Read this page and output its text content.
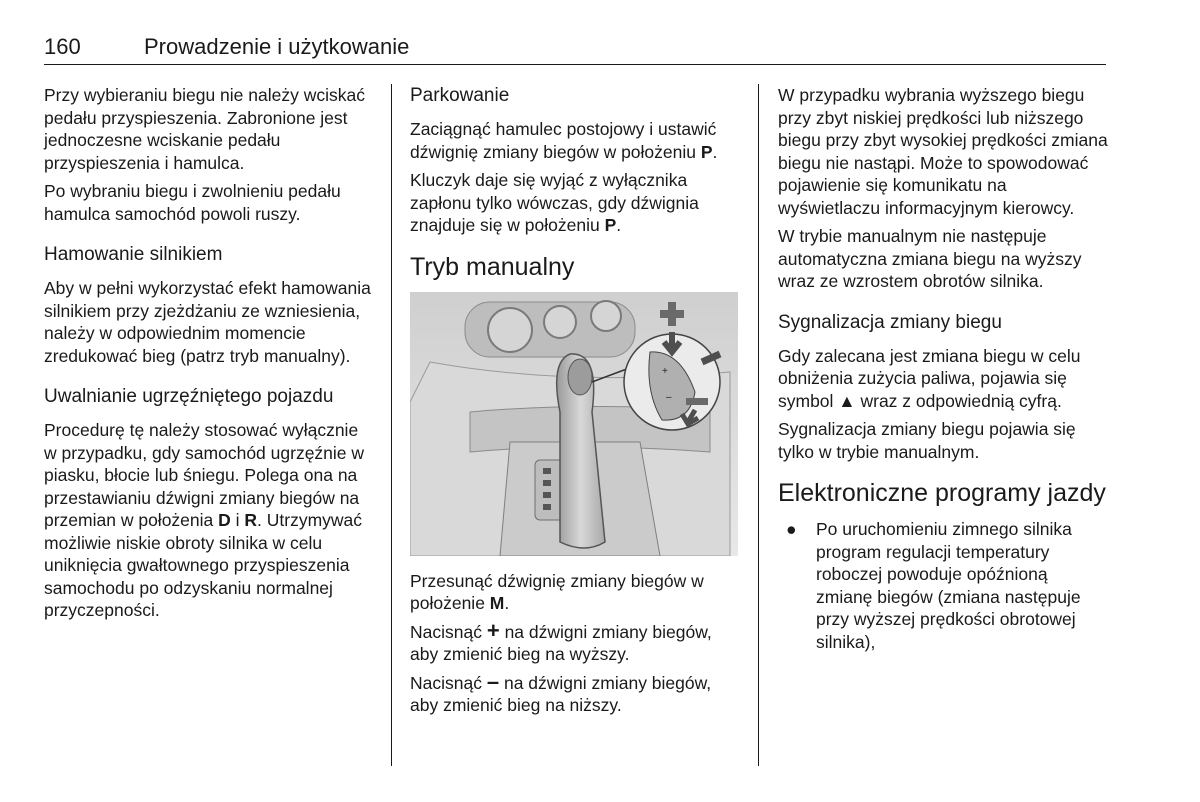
160	Prowadzenie i użytkowanie

Przy wybieraniu biegu nie należy wciskać pedału przyspieszenia. Zabronione jest jednoczesne wciskanie pedału przyspieszenia i hamulca.

Po wybraniu biegu i zwolnieniu pedału hamulca samochód powoli ruszy.

Hamowanie silnikiem

Aby w pełni wykorzystać efekt hamowania silnikiem przy zjeżdżaniu ze wzniesienia, należy w odpowiednim momencie zredukować bieg (patrz tryb manualny).

Uwalnianie ugrzęźniętego pojazdu

Procedurę tę należy stosować wyłącznie w przypadku, gdy samochód ugrzęźnie w piasku, błocie lub śniegu. Polega ona na przestawianiu dźwigni zmiany biegów na przemian w położenia D i R. Utrzymywać możliwie niskie obroty silnika w celu uniknięcia gwałtownego przyspieszenia samochodu po odzyskaniu normalnej przyczepności.

Parkowanie

Zaciągnąć hamulec postojowy i ustawić dźwignię zmiany biegów w położeniu P.

Kluczyk daje się wyjąć z wyłącznika zapłonu tylko wówczas, gdy dźwignia znajduje się w położeniu P.

Tryb manualny
+
–

Przesunąć dźwignię zmiany biegów w położenie M.

Nacisnąć + na dźwigni zmiany biegów, aby zmienić bieg na wyższy.

Nacisnąć – na dźwigni zmiany biegów, aby zmienić bieg na niższy.

W przypadku wybrania wyższego biegu przy zbyt niskiej prędkości lub niższego biegu przy zbyt wysokiej prędkości zmiana biegu nie nastąpi. Może to spowodować pojawienie się komunikatu na wyświetlaczu informacyjnym kierowcy.

W trybie manualnym nie następuje automatyczna zmiana biegu na wyższy wraz ze wzrostem obrotów silnika.

Sygnalizacja zmiany biegu

Gdy zalecana jest zmiana biegu w celu obniżenia zużycia paliwa, pojawia się symbol ▲ wraz z odpowiednią cyfrą.

Sygnalizacja zmiany biegu pojawia się tylko w trybie manualnym.

Elektroniczne programy jazdy
● Po uruchomieniu zimnego silnika program regulacji temperatury roboczej powoduje opóźnioną zmianę biegów (zmiana następuje przy wyższej prędkości obrotowej silnika),
